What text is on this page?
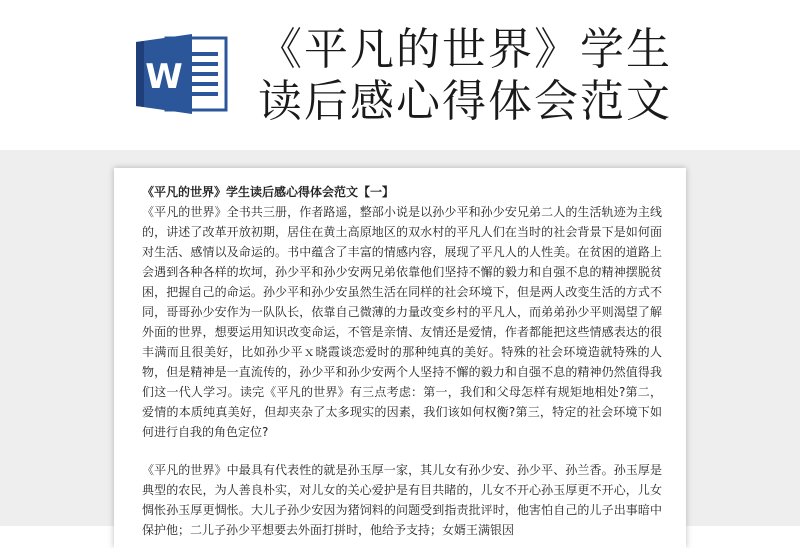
W
《平凡的世界》学生
读后感心得体会范文

《平凡的世界》学生读后感心得体会范文【一】

《平凡的世界》全书共三册，作者路遥，整部小说是以孙少平和孙少安兄弟二人的生活轨迹为主线的，讲述了改革开放初期，居住在黄土高原地区的双水村的平凡人们在当时的社会背景下是如何面对生活、感情以及命运的。书中蕴含了丰富的情感内容，展现了平凡人的人性美。在贫困的道路上会遇到各种各样的坎坷，孙少平和孙少安两兄弟依靠他们坚持不懈的毅力和自强不息的精神摆脱贫困，把握自己的命运。孙少平和孙少安虽然生活在同样的社会环境下，但是两人改变生活的方式不同，哥哥孙少安作为一队队长，依靠自己微薄的力量改变乡村的平凡人，而弟弟孙少平则渴望了解外面的世界，想要运用知识改变命运，不管是亲情、友情还是爱情，作者都能把这些情感表达的很丰满而且很美好，比如孙少平ｘ晓霞谈恋爱时的那种纯真的美好。特殊的社会环境造就特殊的人物，但是精神是一直流传的，孙少平和孙少安两个人坚持不懈的毅力和自强不息的精神仍然值得我们这一代人学习。读完《平凡的世界》有三点考虑：第一，我们和父母怎样有规矩地相处?第二，爱情的本质纯真美好，但却夹杂了太多现实的因素，我们该如何权衡?第三，特定的社会环境下如何进行自我的角色定位?

《平凡的世界》中最具有代表性的就是孙玉厚一家，其儿女有孙少安、孙少平、孙兰香。孙玉厚是典型的农民，为人善良朴实，对儿女的关心爱护是有目共睹的，儿女不开心孙玉厚更不开心，儿女惆怅孙玉厚更惆怅。大儿子孙少安因为猪饲料的问题受到指责批评时，他害怕自己的儿子出事暗中保护他；二儿子孙少平想要去外面打拼时，他给予支持；女婿王满银因
